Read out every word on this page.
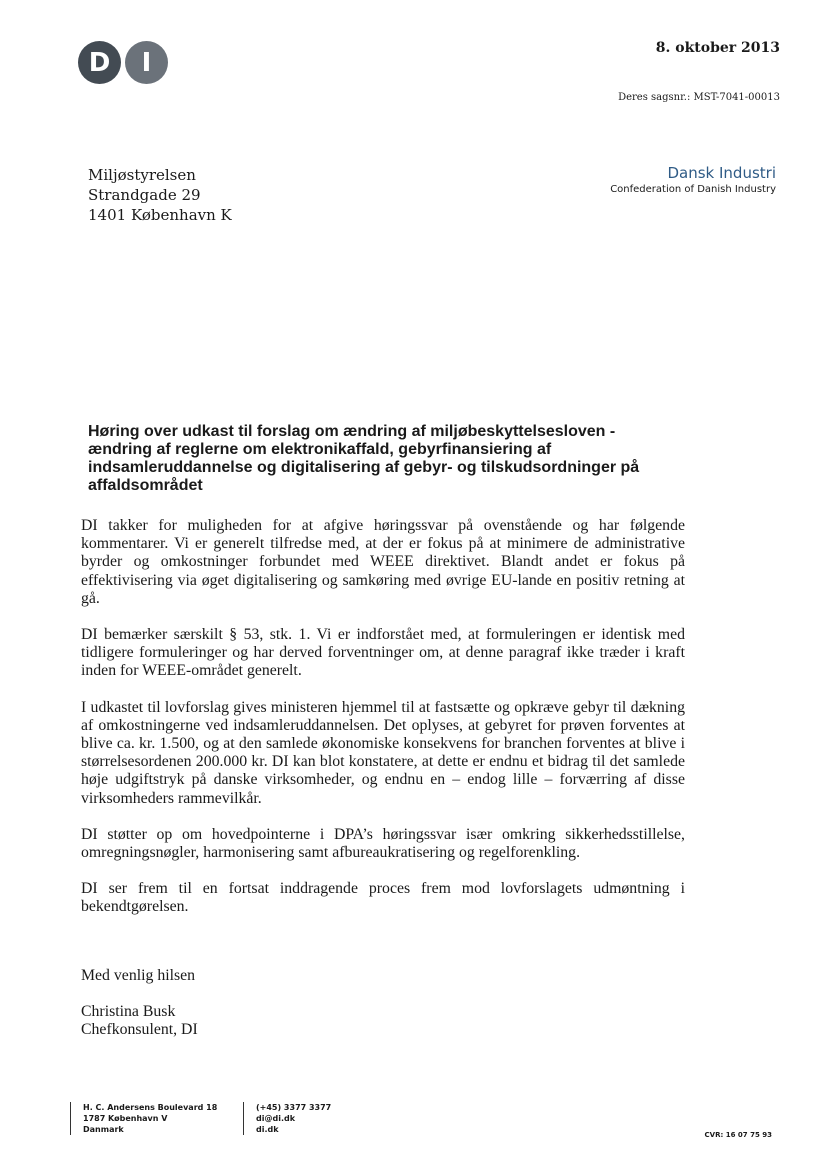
D	I	8. oktober 2013
Deres sagsnr.: MST-7041-00013
Miljøstyrelsen
Strandgade 29
1401 København K
Dansk Industri
Confederation of Danish Industry
Høring over udkast til forslag om ændring af miljøbeskyttelsesloven - ændring af reglerne om elektronikaffald, gebyrfinansiering af indsamleruddannelse og digitalisering af gebyr- og tilskudsordninger på affaldsområdet

DI takker for muligheden for at afgive høringssvar på ovenstående og har følgende kommentarer. Vi er generelt tilfredse med, at der er fokus på at minimere de administrative byrder og omkostninger forbundet med WEEE direktivet. Blandt andet er fokus på effektivisering via øget digitalisering og samkøring med øvrige EU-lande en positiv retning at gå.

DI bemærker særskilt § 53, stk. 1. Vi er indforstået med, at formuleringen er identisk med tidligere formuleringer og har derved forventninger om, at denne paragraf ikke træder i kraft inden for WEEE-området generelt.

I udkastet til lovforslag gives ministeren hjemmel til at fastsætte og opkræve gebyr til dækning af omkostningerne ved indsamleruddannelsen. Det oplyses, at gebyret for prøven forventes at blive ca. kr. 1.500, og at den samlede økonomiske konsekvens for branchen forventes at blive i størrelsesordenen 200.000 kr. DI kan blot konstatere, at dette er endnu et bidrag til det samlede høje udgiftstryk på danske virksomheder, og endnu en – endog lille – forværring af disse virksomheders rammevilkår.

DI støtter op om hovedpointerne i DPA’s høringssvar især omkring sikkerhedsstillelse, omregningsnøgler, harmonisering samt afbureaukratisering og regelforenkling.

DI ser frem til en fortsat inddragende proces frem mod lovforslagets udmøntning i bekendtgørelsen.

Med venlig hilsen

Christina Busk
Chefkonsulent, DI
H. C. Andersens Boulevard 18
1787 København V
Danmark
(+45) 3377 3377
di@di.dk
di.dk
CVR: 16 07 75 93
